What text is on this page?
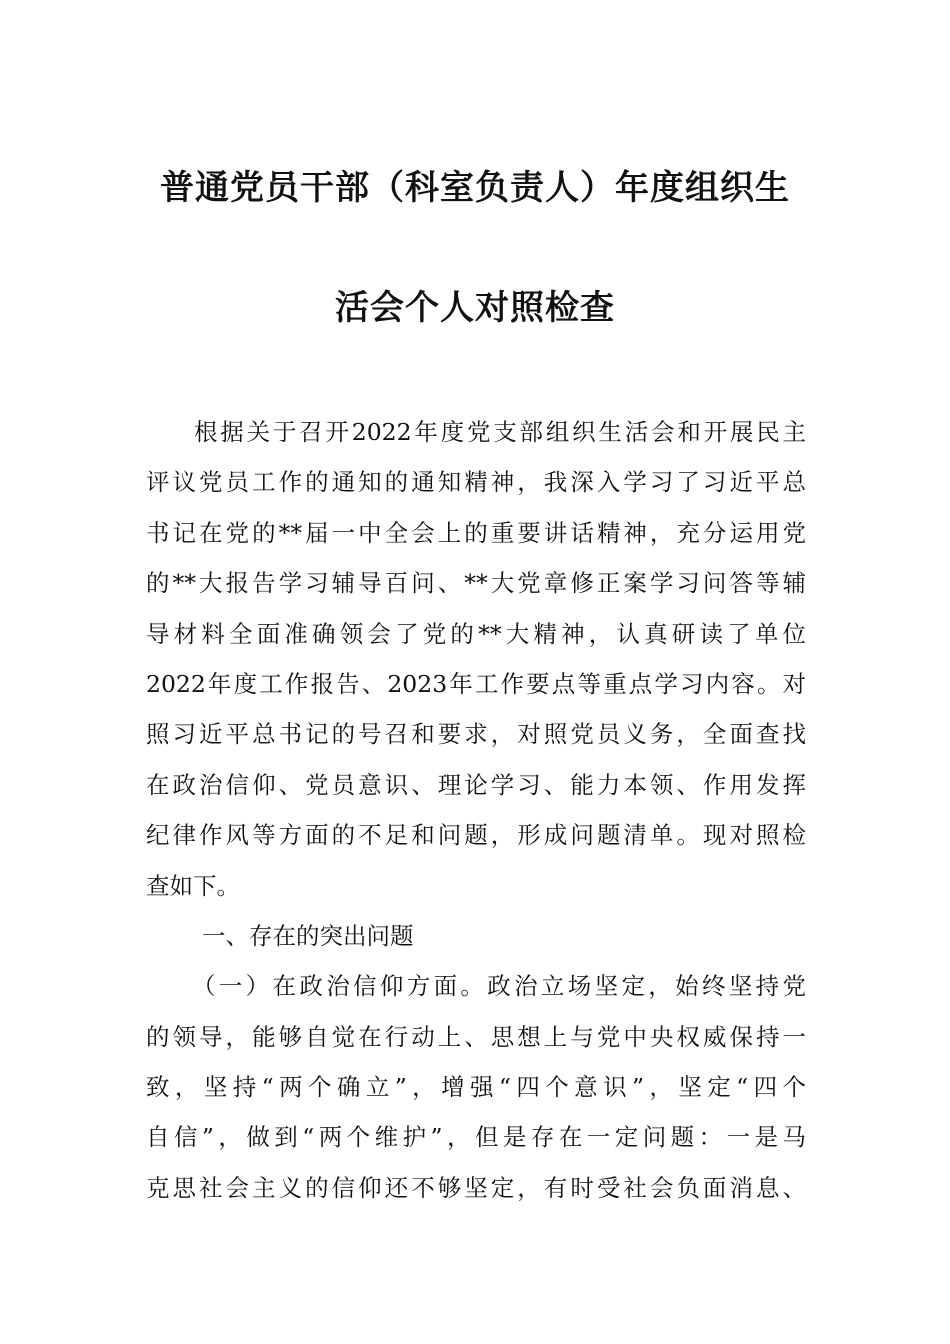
普通党员干部（科室负责人）年度组织生
活会个人对照检查
根据关于召开2022年度党支部组织生活会和开展民主
评议党员工作的通知的通知精神，我深入学习了习近平总
书记在党的**届一中全会上的重要讲话精神，充分运用党
的**大报告学习辅导百问、**大党章修正案学习问答等辅
导材料全面准确领会了党的**大精神，认真研读了单位
2022年度工作报告、2023年工作要点等重点学习内容。对
照习近平总书记的号召和要求，对照党员义务，全面查找
在政治信仰、党员意识、理论学习、能力本领、作用发挥
纪律作风等方面的不足和问题，形成问题清单。现对照检
查如下。
一、存在的突出问题
（一）在政治信仰方面。政治立场坚定，始终坚持党
的领导，能够自觉在行动上、思想上与党中央权威保持一
致，坚持“两个确立”，增强“四个意识”，坚定“四个
自信”，做到“两个维护”，但是存在一定问题：一是马
克思社会主义的信仰还不够坚定，有时受社会负面消息、
